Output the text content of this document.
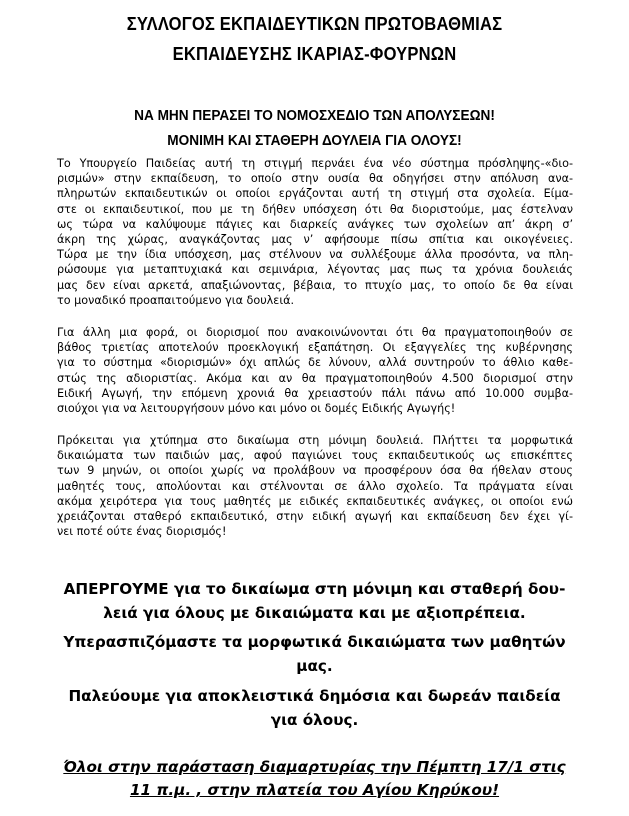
ΣΥΛΛΟΓΟΣ ΕΚΠΑΙΔΕΥΤΙΚΩΝ ΠΡΩΤΟΒΑΘΜΙΑΣ
ΕΚΠΑΙΔΕΥΣΗΣ ΙΚΑΡΙΑΣ-ΦΟΥΡΝΩΝ
ΝΑ ΜΗΝ ΠΕΡΑΣΕΙ ΤΟ ΝΟΜΟΣΧΕΔΙΟ ΤΩΝ ΑΠΟΛΥΣΕΩΝ!
ΜΟΝΙΜΗ ΚΑΙ ΣΤΑΘΕΡΗ ΔΟΥΛΕΙΑ ΓΙΑ ΟΛΟΥΣ!
Το Υπουργείο Παιδείας αυτή τη στιγμή περνάει ένα νέο σύστημα πρόσληψης-«διο-
ρισμών» στην εκπαίδευση, το οποίο στην ουσία θα οδηγήσει στην απόλυση ανα-
πληρωτών εκπαιδευτικών οι οποίοι εργάζονται αυτή τη στιγμή στα σχολεία. Είμα-
στε οι εκπαιδευτικοί, που με τη δήθεν υπόσχεση ότι θα διοριστούμε, μας έστελναν
ως τώρα να καλύψουμε πάγιες και διαρκείς ανάγκες των σχολείων απ’ άκρη σ’
άκρη της χώρας, αναγκάζοντας μας ν’ αφήσουμε πίσω σπίτια και οικογένειες.
Τώρα με την ίδια υπόσχεση, μας στέλνουν να συλλέξουμε άλλα προσόντα, να πλη-
ρώσουμε για μεταπτυχιακά και σεμινάρια, λέγοντας μας πως τα χρόνια δουλειάς
μας δεν είναι αρκετά, απαξιώνοντας, βέβαια, το πτυχίο μας, το οποίο δε θα είναι
το μοναδικό προαπαιτούμενο για δουλειά.
Για άλλη μια φορά, οι διορισμοί που ανακοινώνονται ότι θα πραγματοποιηθούν σε
βάθος τριετίας αποτελούν προεκλογική εξαπάτηση. Οι εξαγγελίες της κυβέρνησης
για το σύστημα «διορισμών» όχι απλώς δε λύνουν, αλλά συντηρούν το άθλιο καθε-
στώς της αδιοριστίας. Ακόμα και αν θα πραγματοποιηθούν 4.500 διορισμοί στην
Ειδική Αγωγή, την επόμενη χρονιά θα χρειαστούν πάλι πάνω από 10.000 συμβα-
σιούχοι για να λειτουργήσουν μόνο και μόνο οι δομές Ειδικής Αγωγής!
Πρόκειται για χτύπημα στο δικαίωμα στη μόνιμη δουλειά. Πλήττει τα μορφωτικά
δικαιώματα των παιδιών μας, αφού παγιώνει τους εκπαιδευτικούς ως επισκέπτες
των 9 μηνών, οι οποίοι χωρίς να προλάβουν να προσφέρουν όσα θα ήθελαν στους
μαθητές τους, απολύονται και στέλνονται σε άλλο σχολείο. Τα πράγματα είναι
ακόμα χειρότερα για τους μαθητές με ειδικές εκπαιδευτικές ανάγκες, οι οποίοι ενώ
χρειάζονται σταθερό εκπαιδευτικό, στην ειδική αγωγή και εκπαίδευση δεν έχει γί-
νει ποτέ ούτε ένας διορισμός!
ΑΠΕΡΓΟΥΜΕ για το δικαίωμα στη μόνιμη και σταθερή δου-
λειά για όλους με δικαιώματα και με αξιοπρέπεια.
Υπερασπιζόμαστε τα μορφωτικά δικαιώματα των μαθητών
μας.
Παλεύουμε για αποκλειστικά δημόσια και δωρεάν παιδεία
για όλους.
Όλοι στην παράσταση διαμαρτυρίας την Πέμπτη 17/1 στις
11 π.μ. , στην πλατεία του Αγίου Κηρύκου!
